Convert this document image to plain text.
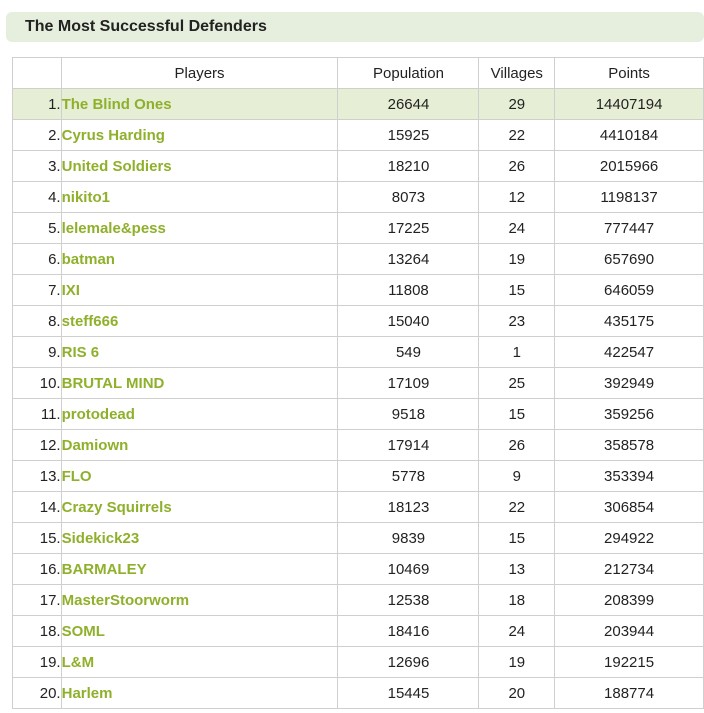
The Most Successful Defenders
	Players	Population	Villages	Points
1.	The Blind Ones	26644	29	14407194
2.	Cyrus Harding	15925	22	4410184
3.	United Soldiers	18210	26	2015966
4.	nikito1	8073	12	1198137
5.	lelemale&pess	17225	24	777447
6.	batman	13264	19	657690
7.	IXI	11808	15	646059
8.	steff666	15040	23	435175
9.	RIS 6	549	1	422547
10.	BRUTAL MIND	17109	25	392949
11.	protodead	9518	15	359256
12.	Damiown	17914	26	358578
13.	FLO	5778	9	353394
14.	Crazy Squirrels	18123	22	306854
15.	Sidekick23	9839	15	294922
16.	BARMALEY	10469	13	212734
17.	MasterStoorworm	12538	18	208399
18.	SOML	18416	24	203944
19.	L&M	12696	19	192215
20.	Harlem	15445	20	188774
